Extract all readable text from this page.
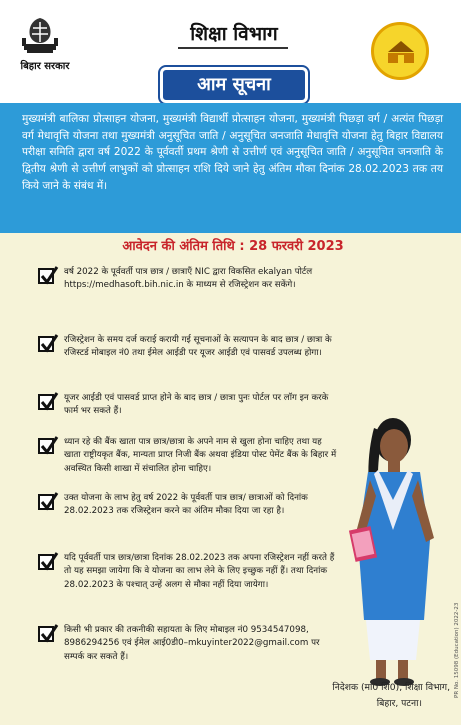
बिहार सरकार
शिक्षा विभाग
आम सूचना
मुख्यमंत्री बालिका प्रोत्साहन योजना, मुख्यमंत्री विद्यार्थी प्रोत्साहन योजना, मुख्यमंत्री पिछड़ा वर्ग / अत्यंत पिछड़ा वर्ग मेधावृत्ति योजना तथा मुख्यमंत्री अनुसूचित जाति / अनुसूचित जनजाति मेधावृत्ति योजना हेतु बिहार विद्यालय परीक्षा समिति द्वारा वर्ष 2022 के पूर्ववर्ती प्रथम श्रेणी से उत्तीर्ण एवं अनुसूचित जाति / अनुसूचित जनजाति के द्वितीय श्रेणी से उत्तीर्ण लाभुकों को प्रोत्साहन राशि दिये जाने हेतु अंतिम मौका दिनांक 28.02.2023 तक तय किये जाने के संबंध में।
आवेदन की अंतिम तिथि : 28 फरवरी 2023
वर्ष 2022 के पूर्ववर्ती पात्र छात्र / छात्राएँ NIC द्वारा विकसित ekalyan पोर्टल https://medhasoft.bih.nic.in के माध्यम से रजिस्ट्रेशन कर सकेंगे।
रजिस्ट्रेशन के समय दर्ज कराई करायी गई सूचनाओं के सत्यापन के बाद छात्र / छात्रा के रजिस्टर्ड मोबाइल नं0 तथा ईमेल आईडी पर यूजर आईडी एवं पासवर्ड उपलब्ध होगा।
यूजर आईडी एवं पासवर्ड प्राप्त होने के बाद छात्र / छात्रा पुनः पोर्टल पर लॉग इन करके फार्म भर सकते हैं।
ध्यान रहे की बैंक खाता पात्र छात्र/छात्रा के अपने नाम से खुला होना चाहिए तथा यह खाता राष्ट्रीयकृत बैंक, मान्यता प्राप्त निजी बैंक अथवा इंडिया पोस्ट पेमेंट बैंक के बिहार में अवस्थित किसी शाखा में संचालित होना चाहिए।
उक्त योजना के लाभ हेतु वर्ष 2022 के पूर्ववर्ती पात्र छात्र/ छात्राओं को दिनांक 28.02.2023 तक रजिस्ट्रेशन करने का अंतिम मौका दिया जा रहा है।
यदि पूर्ववर्ती पात्र छात्र/छात्रा दिनांक 28.02.2023 तक अपना रजिस्ट्रेशन नहीं करते हैं तो यह समझा जायेगा कि वे योजना का लाभ लेने के लिए इच्छुक नहीं हैं। तथा दिनांक 28.02.2023 के पश्चात् उन्हें अलग से मौका नहीं दिया जायेगा।
किसी भी प्रकार की तकनीकी सहायता के लिए मोबाइल नं0 9534547098, 8986294256 एवं ईमेल आई0डी0–mkuyinter2022@gmail.com पर सम्पर्क कर सकते हैं।	PR No. 15098 (Education) 2022-23
निदेशक (मा0 शि0), शिक्षा विभाग,
बिहार, पटना।
